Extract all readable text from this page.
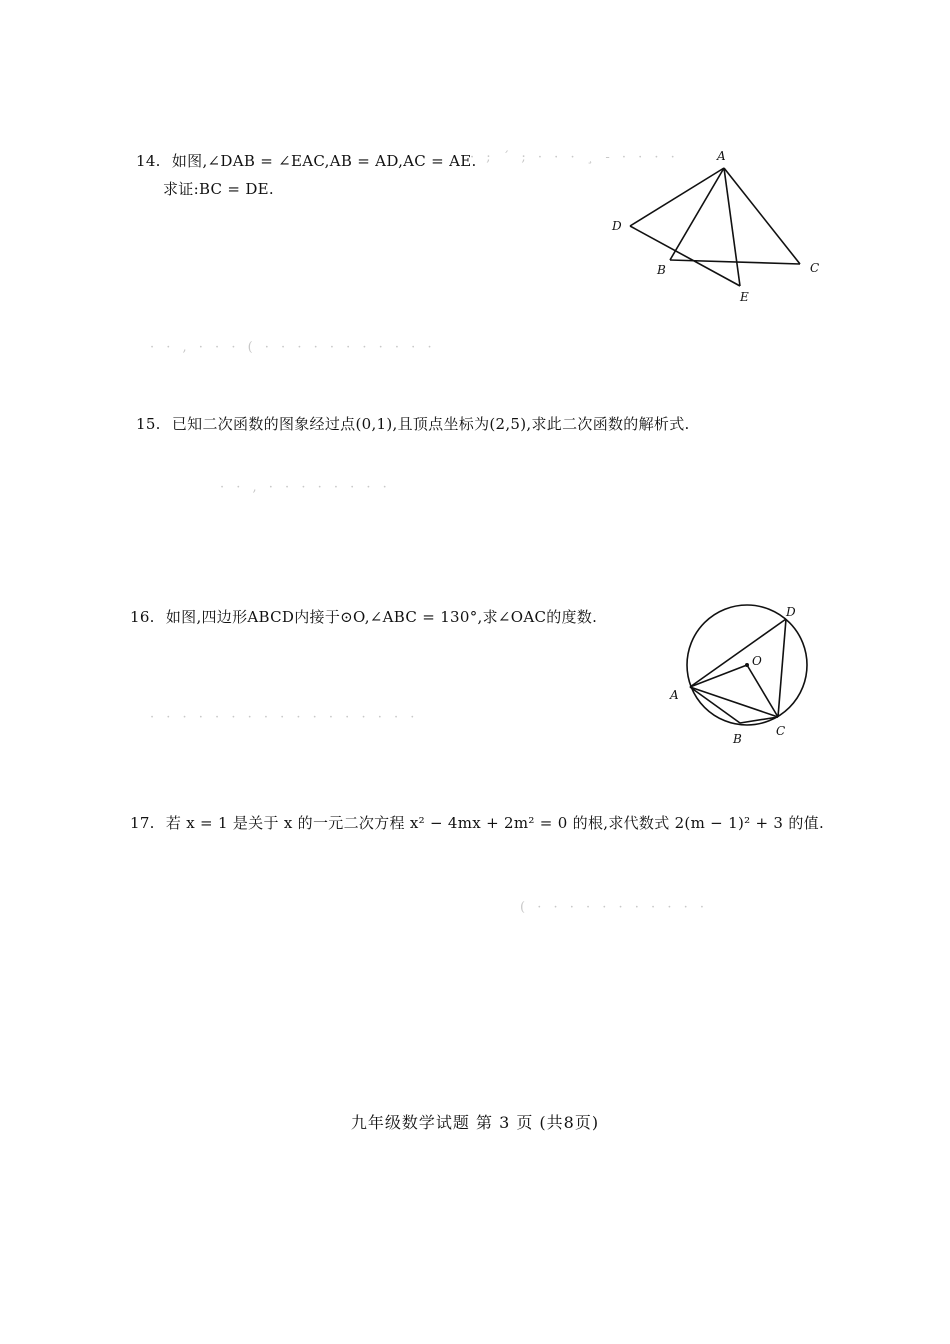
· ; ´ ; · · · ¸ - · · · ·
· · , · · · ( · · · · · · · · · · ·
· · , · · · · · · · ·
· · · · · · · · · · · · · · · · ·
( · · · · · · · · · · ·
14. 如图,∠DAB = ∠EAC,AB = AD,AC = AE.
求证:BC = DE.
A
D
B	C
E
15. 已知二次函数的图象经过点(0,1),且顶点坐标为(2,5),求此二次函数的解析式.
16. 如图,四边形ABCD内接于⊙O,∠ABC = 130°,求∠OAC的度数.
O
D
A
B
C
17. 若 x = 1 是关于 x 的一元二次方程 x² − 4mx + 2m² = 0 的根,求代数式 2(m − 1)² + 3 的值.
九年级数学试题 第 3 页 (共8页)
